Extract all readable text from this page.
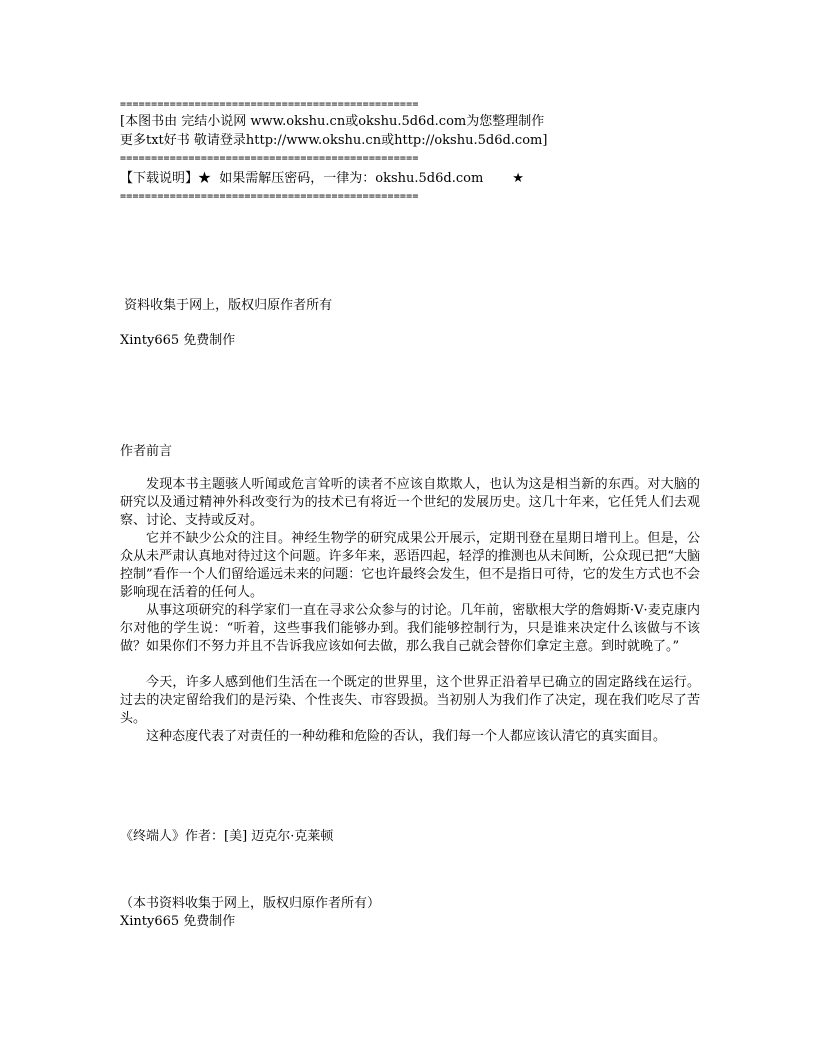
================================================
[本图书由 完结小说网 www.okshu.cn或okshu.5d6d.com为您整理制作
更多txt好书 敬请登录http://www.okshu.cn或http://okshu.5d6d.com]
================================================
【下载说明】★  如果需解压密码，一律为：okshu.5d6d.com       ★
================================================
资料收集于网上，版权归原作者所有
Xinty665 免费制作
作者前言
发现本书主题骇人听闻或危言耸听的读者不应该自欺欺人，也认为这是相当新的东西。对大脑的研究以及通过精神外科改变行为的技术已有将近一个世纪的发展历史。这几十年来，它任凭人们去观察、讨论、支持或反对。
它并不缺少公众的注目。神经生物学的研究成果公开展示，定期刊登在星期日增刊上。但是，公众从未严肃认真地对待过这个问题。许多年来，恶语四起，轻浮的推测也从未间断，公众现已把“大脑控制”看作一个人们留给遥远未来的问题：它也许最终会发生，但不是指日可待，它的发生方式也不会影响现在活着的任何人。
从事这项研究的科学家们一直在寻求公众参与的讨论。几年前，密歇根大学的詹姆斯·V·麦克康内尔对他的学生说：“听着，这些事我们能够办到。我们能够控制行为，只是谁来决定什么该做与不该做？如果你们不努力并且不告诉我应该如何去做，那么我自己就会替你们拿定主意。到时就晚了。”
今天，许多人感到他们生活在一个既定的世界里，这个世界正沿着早已确立的固定路线在运行。过去的决定留给我们的是污染、个性丧失、市容毁损。当初别人为我们作了决定，现在我们吃尽了苦头。
这种态度代表了对责任的一种幼稚和危险的否认，我们每一个人都应该认清它的真实面目。
《终端人》作者：[美] 迈克尔·克莱顿
（本书资料收集于网上，版权归原作者所有）
Xinty665 免费制作
